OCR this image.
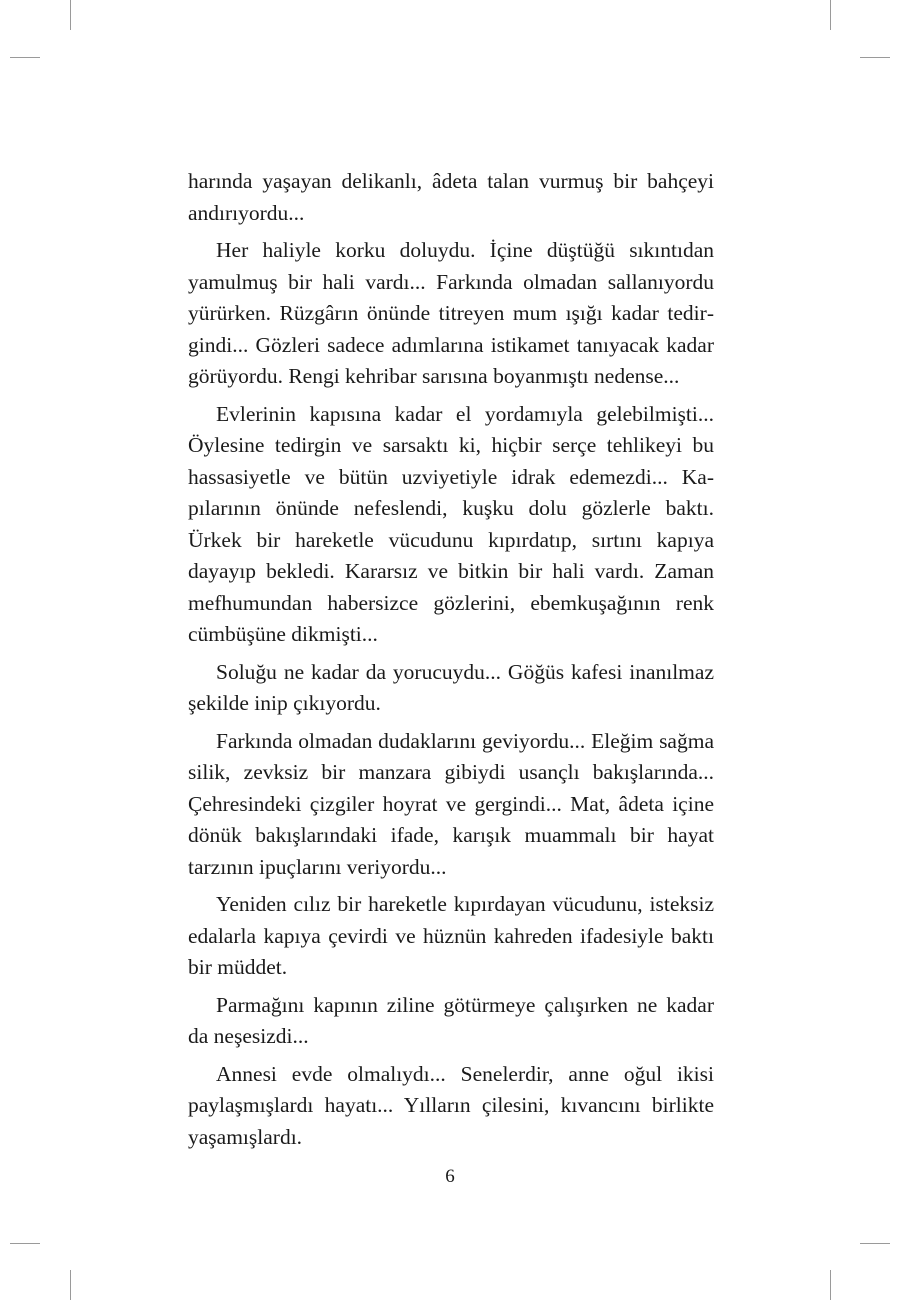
harında yaşayan delikanlı, âdeta talan vurmuş bir bahçeyi andırıyordu...

Her haliyle korku doluydu. İçine düştüğü sıkıntıdan yamulmuş bir hali vardı... Farkında olmadan sallanıyordu yürürken. Rüzgârın önünde titreyen mum ışığı kadar tedirgindi... Gözleri sadece adımlarına istikamet tanıyacak kadar görüyordu. Rengi kehribar sarısına boyanmıştı nedense...

Evlerinin kapısına kadar el yordamıyla gelebilmişti... Öylesine tedirgin ve sarsaktı ki, hiçbir serçe tehlikeyi bu hassasiyetle ve bütün uzviyetiyle idrak edemezdi... Kapılarının önünde nefeslendi, kuşku dolu gözlerle baktı. Ürkek bir hareketle vücudunu kıpırdatıp, sırtını kapıya dayayıp bekledi. Kararsız ve bitkin bir hali vardı. Zaman mefhumundan habersizce gözlerini, ebemkuşağının renk cümbüşüne dikmişti...

Soluğu ne kadar da yorucuydu... Göğüs kafesi inanılmaz şekilde inip çıkıyordu.

Farkında olmadan dudaklarını geviyordu... Eleğim sağma silik, zevksiz bir manzara gibiydi usançlı bakışlarında... Çehresindeki çizgiler hoyrat ve gergindi... Mat, âdeta içine dönük bakışlarındaki ifade, karışık muammalı bir hayat tarzının ipuçlarını veriyordu...

Yeniden cılız bir hareketle kıpırdayan vücudunu, isteksiz edalarla kapıya çevirdi ve hüznün kahreden ifadesiyle baktı bir müddet.

Parmağını kapının ziline götürmeye çalışırken ne kadar da neşesizdi...

Annesi evde olmalıydı... Senelerdir, anne oğul ikisi paylaşmışlardı hayatı... Yılların çilesini, kıvancını birlikte yaşamışlardı.

6
